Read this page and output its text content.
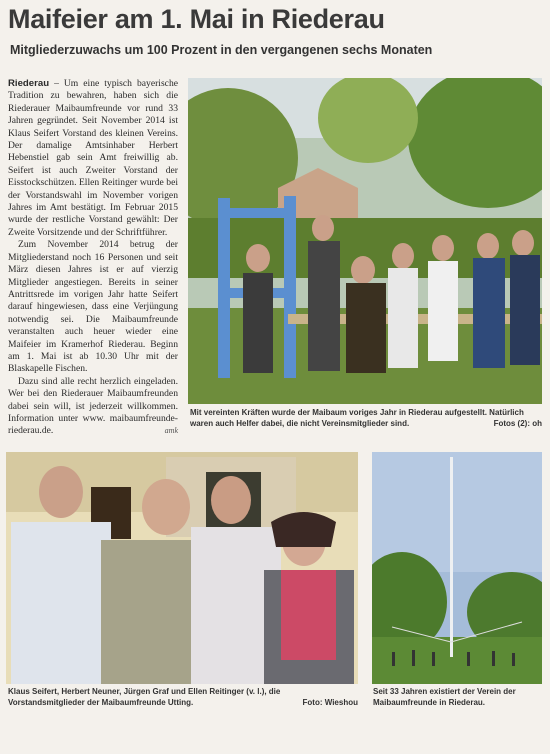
Maifeier am 1. Mai in Riederau
Mitgliederzuwachs um 100 Prozent in den vergangenen sechs Monaten

Riederau – Um eine typisch bayerische Tradition zu bewahren, haben sich die Riederauer Maibaumfreunde vor rund 33 Jahren gegründet. Seit November 2014 ist Klaus Seifert Vorstand des kleinen Vereins. Der damalige Amtsinhaber Herbert Hebenstiel gab sein Amt freiwillig ab. Seifert ist auch Zweiter Vorstand der Eisstockschützen. Ellen Reitinger wurde bei der Vorstandswahl im November vorigen Jahres im Amt bestätigt. Im Februar 2015 wurde der restliche Vorstand gewählt: Der Zweite Vorsitzende und der Schriftführer.

Zum November 2014 betrug der Mitgliederstand noch 16 Personen und seit März diesen Jahres ist er auf vierzig Mitglieder angestiegen. Bereits in seiner Antrittsrede im vorigen Jahr hatte Seifert darauf hingewiesen, dass eine Verjüngung notwendig sei. Die Maibaumfreunde veranstalten auch heuer wieder eine Maifeier im Kramerhof Riederau. Beginn am 1. Mai ist ab 10.30 Uhr mit der Blaskapelle Fischen.

Dazu sind alle recht herzlich eingeladen. Wer bei den Riederauer Maibaumfreunden dabei sein will, ist jederzeit willkommen. Information unter www. maibaumfreunde-riederau.de.	amk

Mit vereinten Kräften wurde der Maibaum voriges Jahr in Riederau aufgestellt. Natürlich waren auch Helfer dabei, die nicht Vereinsmitglieder sind.	Fotos (2): oh
Klaus Seifert, Herbert Neuner, Jürgen Graf und Ellen Reitinger (v. l.), die Vorstandsmitglieder der Maibaumfreunde Utting.	Foto: Wieshou
Seit 33 Jahren existiert der Verein der Maibaumfreunde in Riederau.
